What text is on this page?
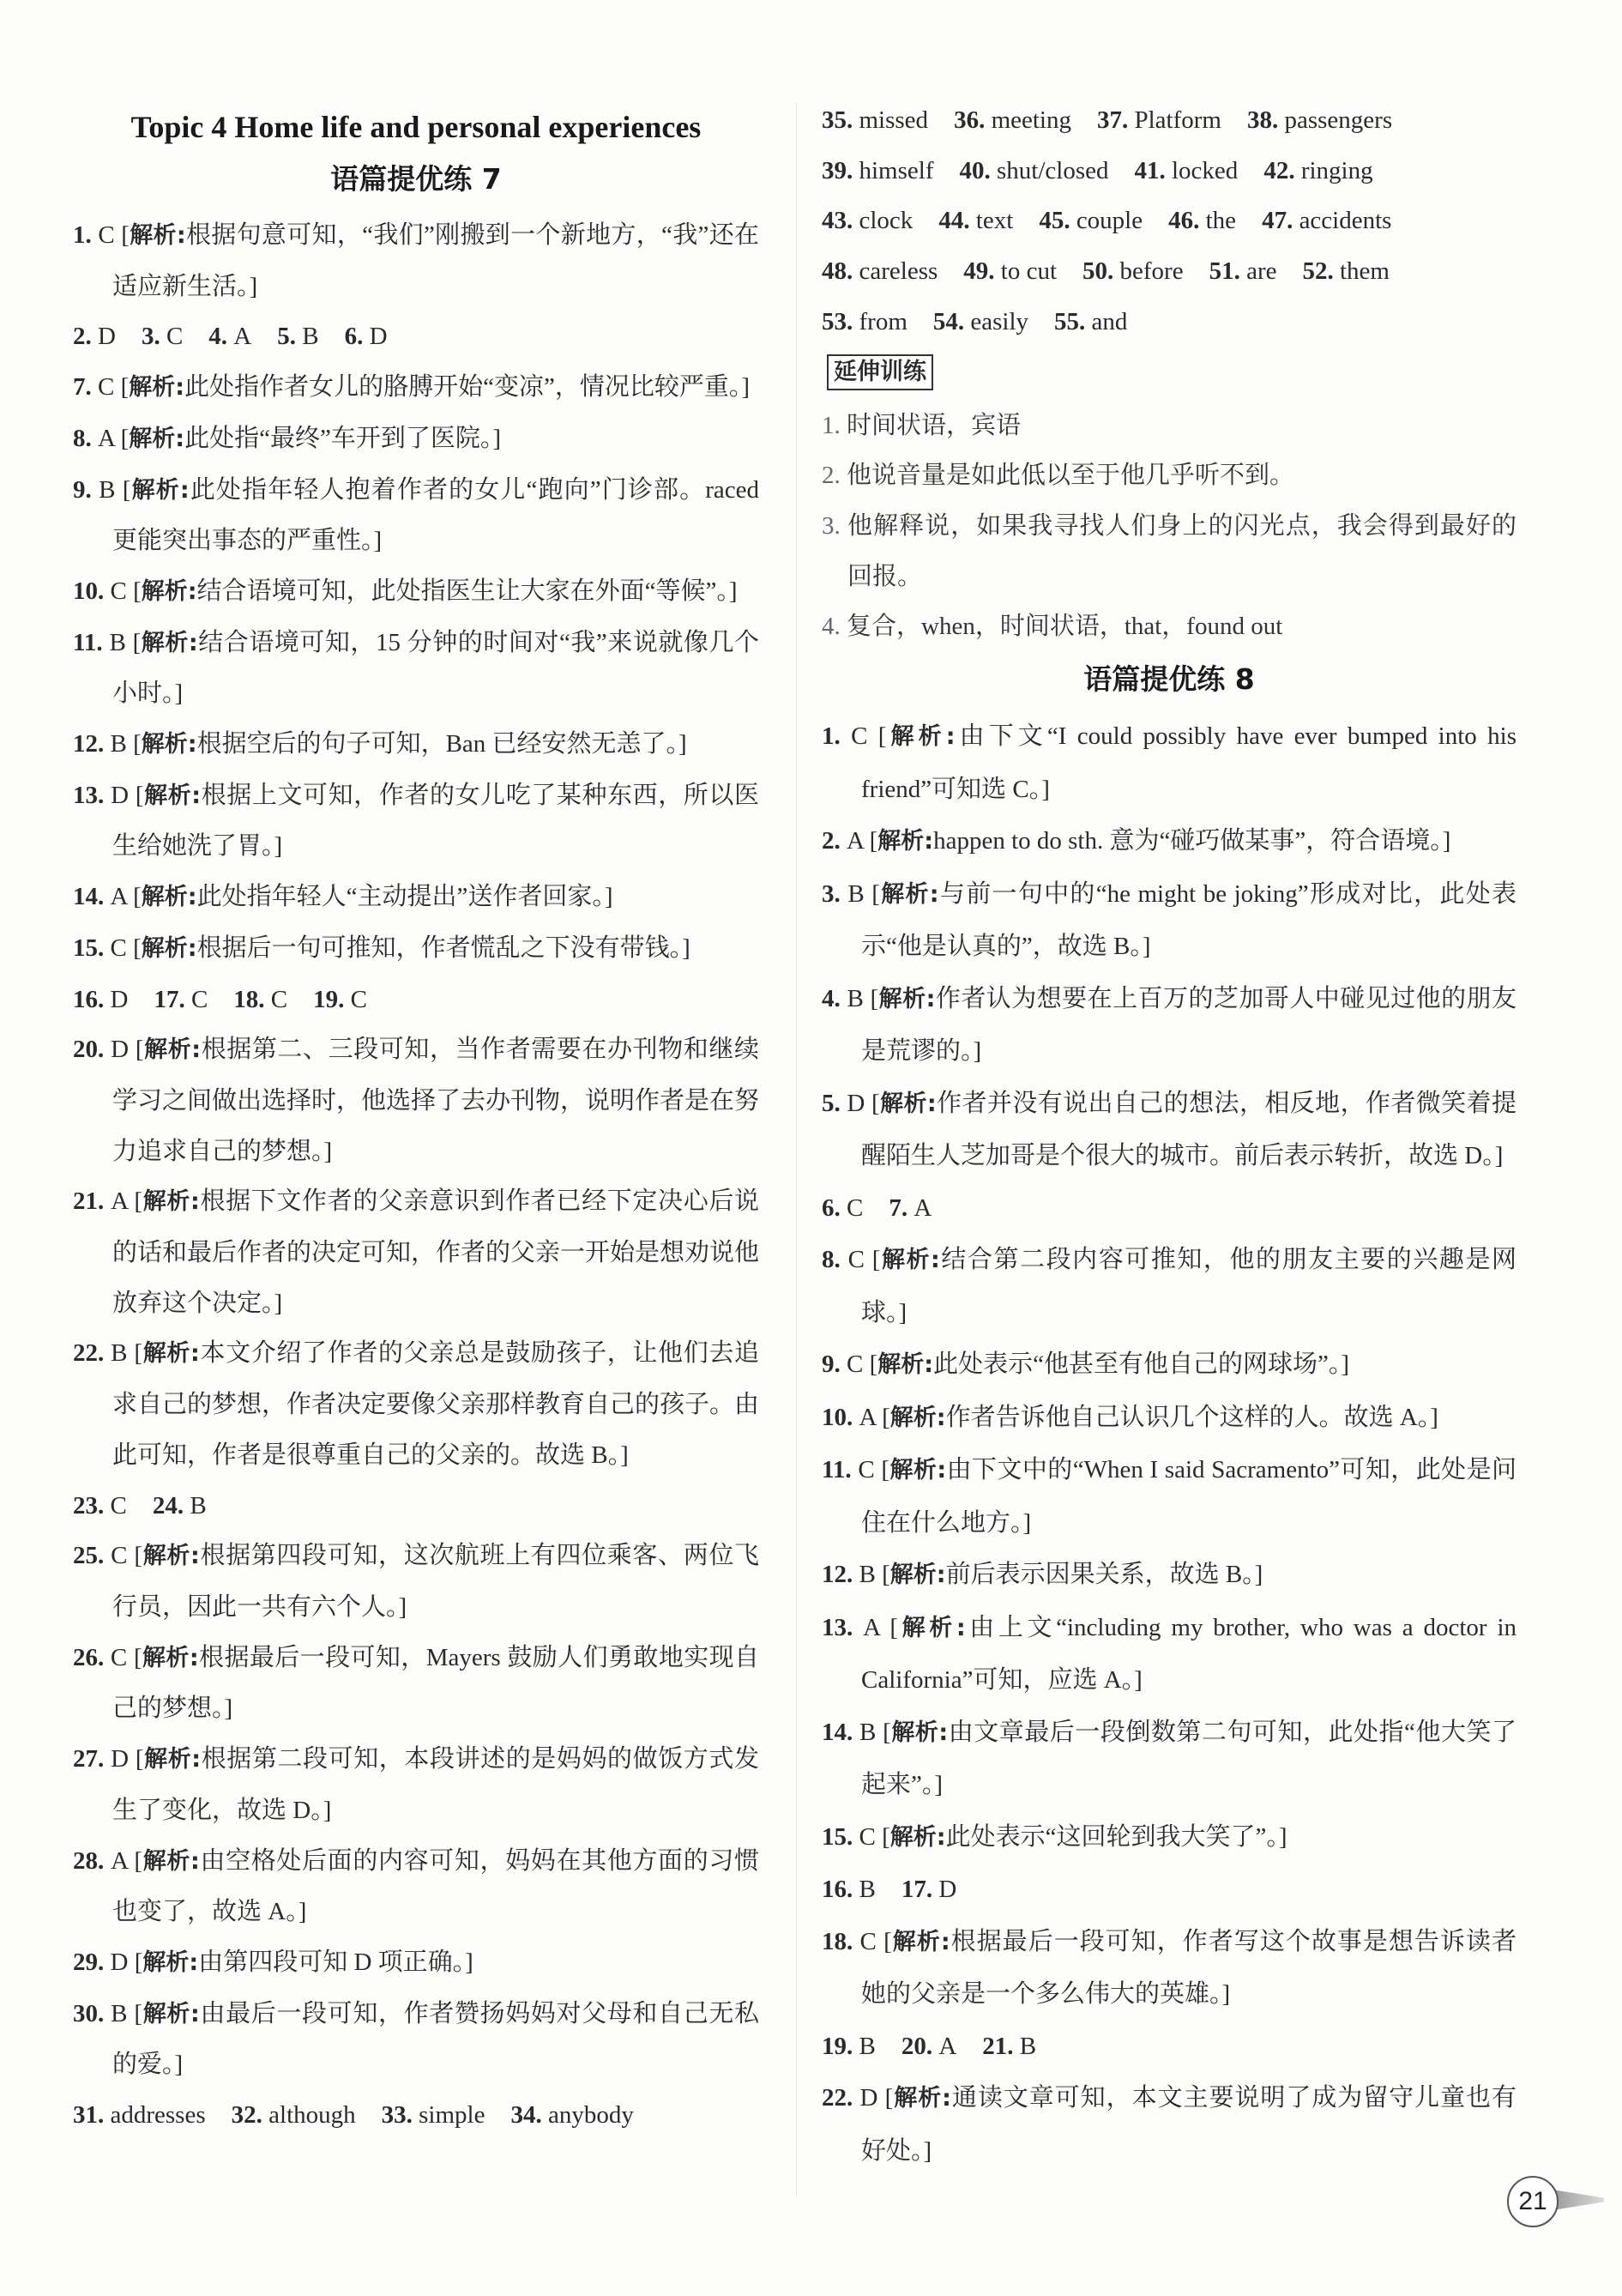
Topic 4 Home life and personal experiences
语篇提优练 7
1. C [解析:根据句意可知，“我们”刚搬到一个新地方，“我”还在适应新生活。]
2. D 3. C 4. A 5. B 6. D
7. C [解析:此处指作者女儿的胳膊开始“变凉”，情况比较严重。]
8. A [解析:此处指“最终”车开到了医院。]
9. B [解析:此处指年轻人抱着作者的女儿“跑向”门诊部。raced 更能突出事态的严重性。]
10. C [解析:结合语境可知，此处指医生让大家在外面“等候”。]
11. B [解析:结合语境可知，15 分钟的时间对“我”来说就像几个小时。]
12. B [解析:根据空后的句子可知，Ban 已经安然无恙了。]
13. D [解析:根据上文可知，作者的女儿吃了某种东西，所以医生给她洗了胃。]
14. A [解析:此处指年轻人“主动提出”送作者回家。]
15. C [解析:根据后一句可推知，作者慌乱之下没有带钱。]
16. D 17. C 18. C 19. C
20. D [解析:根据第二、三段可知，当作者需要在办刊物和继续学习之间做出选择时，他选择了去办刊物，说明作者是在努力追求自己的梦想。]
21. A [解析:根据下文作者的父亲意识到作者已经下定决心后说的话和最后作者的决定可知，作者的父亲一开始是想劝说他放弃这个决定。]
22. B [解析:本文介绍了作者的父亲总是鼓励孩子，让他们去追求自己的梦想，作者决定要像父亲那样教育自己的孩子。由此可知，作者是很尊重自己的父亲的。故选 B。]
23. C 24. B
25. C [解析:根据第四段可知，这次航班上有四位乘客、两位飞行员，因此一共有六个人。]
26. C [解析:根据最后一段可知，Mayers 鼓励人们勇敢地实现自己的梦想。]
27. D [解析:根据第二段可知，本段讲述的是妈妈的做饭方式发生了变化，故选 D。]
28. A [解析:由空格处后面的内容可知，妈妈在其他方面的习惯也变了，故选 A。]
29. D [解析:由第四段可知 D 项正确。]
30. B [解析:由最后一段可知，作者赞扬妈妈对父母和自己无私的爱。]
31. addresses 32. although 33. simple 34. anybody
35. missed 36. meeting 37. Platform 38. passengers
39. himself 40. shut/closed 41. locked 42. ringing
43. clock 44. text 45. couple 46. the 47. accidents
48. careless 49. to cut 50. before 51. are 52. them
53. from 54. easily 55. and
延伸训练
1. 时间状语，宾语
2. 他说音量是如此低以至于他几乎听不到。
3. 他解释说，如果我寻找人们身上的闪光点，我会得到最好的回报。
4. 复合，when，时间状语，that，found out
语篇提优练 8
1. C [解析:由下文“I could possibly have ever bumped into his friend”可知选 C。]
2. A [解析:happen to do sth. 意为“碰巧做某事”，符合语境。]
3. B [解析:与前一句中的“he might be joking”形成对比，此处表示“他是认真的”，故选 B。]
4. B [解析:作者认为想要在上百万的芝加哥人中碰见过他的朋友是荒谬的。]
5. D [解析:作者并没有说出自己的想法，相反地，作者微笑着提醒陌生人芝加哥是个很大的城市。前后表示转折，故选 D。]
6. C 7. A
8. C [解析:结合第二段内容可推知，他的朋友主要的兴趣是网球。]
9. C [解析:此处表示“他甚至有他自己的网球场”。]
10. A [解析:作者告诉他自己认识几个这样的人。故选 A。]
11. C [解析:由下文中的“When I said Sacramento”可知，此处是问住在什么地方。]
12. B [解析:前后表示因果关系，故选 B。]
13. A [解析:由上文“including my brother, who was a doctor in California”可知，应选 A。]
14. B [解析:由文章最后一段倒数第二句可知，此处指“他大笑了起来”。]
15. C [解析:此处表示“这回轮到我大笑了”。]
16. B 17. D
18. C [解析:根据最后一段可知，作者写这个故事是想告诉读者她的父亲是一个多么伟大的英雄。]
19. B 20. A 21. B
22. D [解析:通读文章可知，本文主要说明了成为留守儿童也有好处。]
21
